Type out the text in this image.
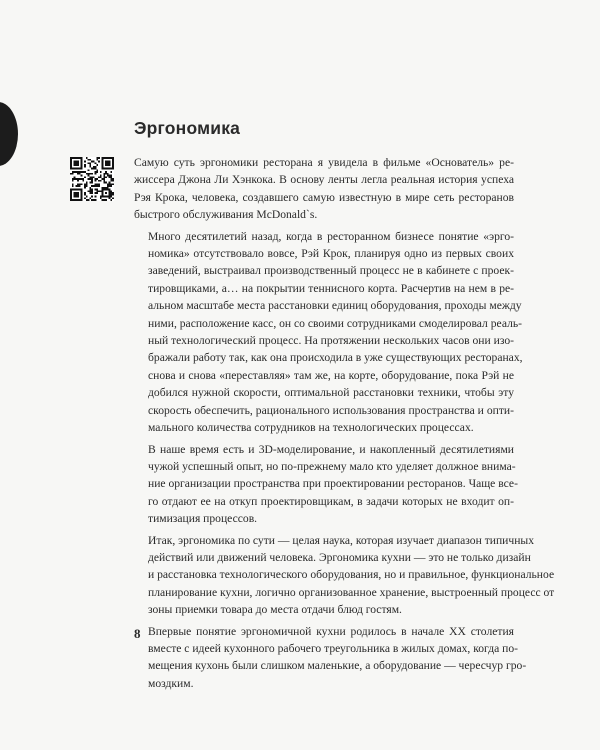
Эргономика

Самую суть эргономики ресторана я увидела в фильме «Основатель» ре-
жиссера Джона Ли Хэнкока. В основу ленты легла реальная история успеха
Рэя Крока, человека, создавшего самую известную в мире сеть ресторанов
быстрого обслуживания McDonald`s.

Много десятилетий назад, когда в ресторанном бизнесе понятие «эрго-
номика» отсутствовало вовсе, Рэй Крок, планируя одно из первых своих
заведений, выстраивал производственный процесс не в кабинете с проек-
тировщиками, а… на покрытии теннисного корта. Расчертив на нем в ре-
альном масштабе места расстановки единиц оборудования, проходы между
ними, расположение касс, он со своими сотрудниками смоделировал реаль-
ный технологический процесс. На протяжении нескольких часов они изо-
бражали работу так, как она происходила в уже существующих ресторанах,
снова и снова «переставляя» там же, на корте, оборудование, пока Рэй не
добился нужной скорости, оптимальной расстановки техники, чтобы эту
скорость обеспечить, рационального использования пространства и опти-
мального количества сотрудников на технологических процессах.

В наше время есть и 3D-моделирование, и накопленный десятилетиями
чужой успешный опыт, но по-прежнему мало кто уделяет должное внима-
ние организации пространства при проектировании ресторанов. Чаще все-
го отдают ее на откуп проектировщикам, в задачи которых не входит оп-
тимизация процессов.

Итак, эргономика по сути — целая наука, которая изучает диапазон типичных
действий или движений человека. Эргономика кухни — это не только дизайн
и расстановка технологического оборудования, но и правильное, функциональное
планирование кухни, логично организованное хранение, выстроенный процесс от
зоны приемки товара до места отдачи блюд гостям.

Впервые понятие эргономичной кухни родилось в начале XX столетия
вместе с идеей кухонного рабочего треугольника в жилых домах, когда по-
мещения кухонь были слишком маленькие, а оборудование — чересчур гро-
моздким.

8
